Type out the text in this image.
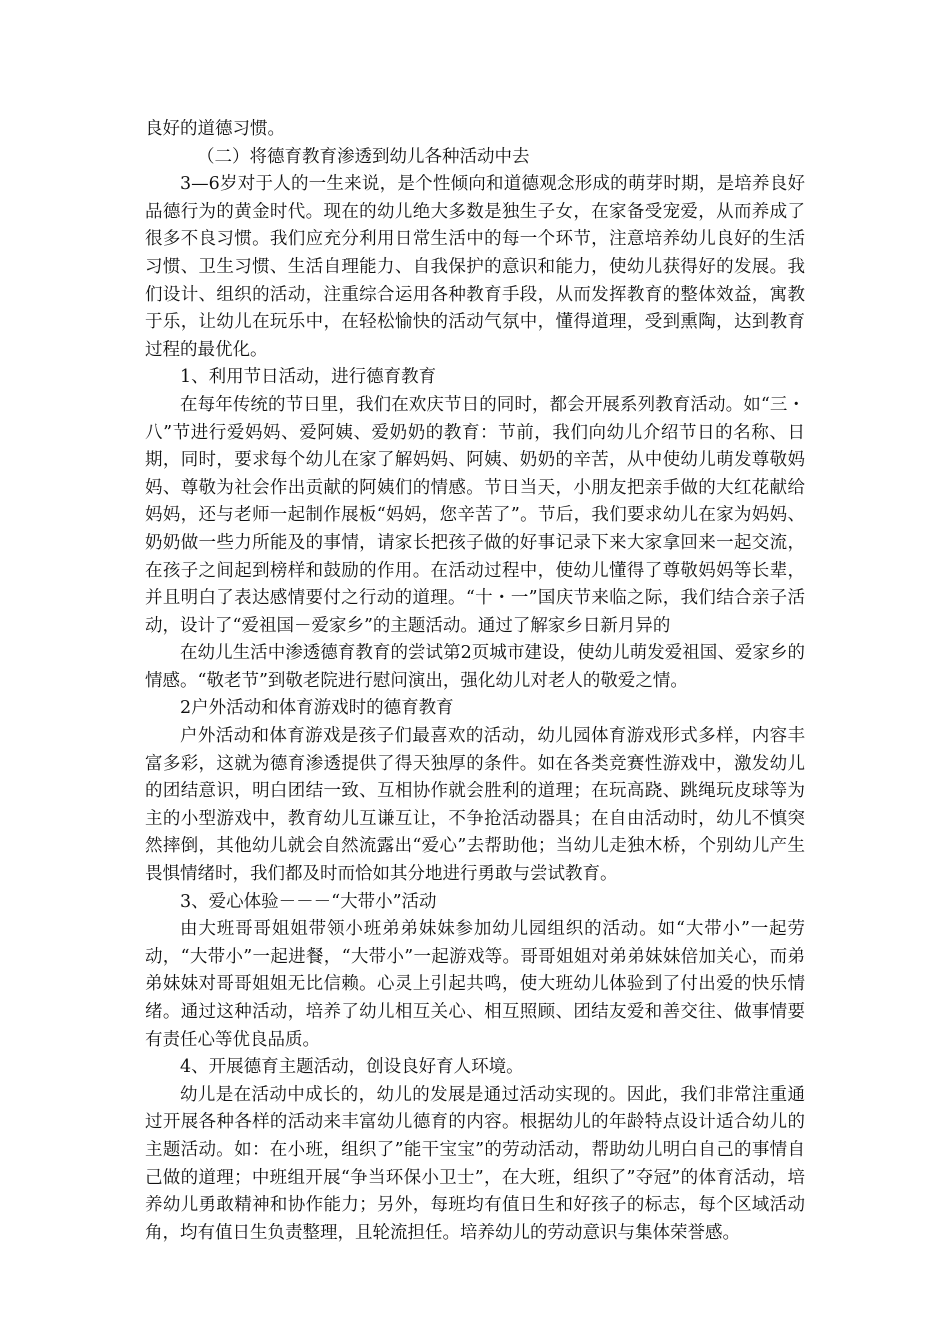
良好的道德习惯。

（二）将德育教育渗透到幼儿各种活动中去

3—6岁对于人的一生来说，是个性倾向和道德观念形成的萌芽时期，是培养良好品德行为的黄金时代。现在的幼儿绝大多数是独生子女，在家备受宠爱，从而养成了很多不良习惯。我们应充分利用日常生活中的每一个环节，注意培养幼儿良好的生活习惯、卫生习惯、生活自理能力、自我保护的意识和能力，使幼儿获得好的发展。我们设计、组织的活动，注重综合运用各种教育手段，从而发挥教育的整体效益，寓教于乐，让幼儿在玩乐中，在轻松愉快的活动气氛中，懂得道理，受到熏陶，达到教育过程的最优化。

1、利用节日活动，进行德育教育

在每年传统的节日里，我们在欢庆节日的同时，都会开展系列教育活动。如“三・八”节进行爱妈妈、爱阿姨、爱奶奶的教育：节前，我们向幼儿介绍节日的名称、日期，同时，要求每个幼儿在家了解妈妈、阿姨、奶奶的辛苦，从中使幼儿萌发尊敬妈妈、尊敬为社会作出贡献的阿姨们的情感。节日当天，小朋友把亲手做的大红花献给妈妈，还与老师一起制作展板“妈妈，您辛苦了”。节后，我们要求幼儿在家为妈妈、奶奶做一些力所能及的事情，请家长把孩子做的好事记录下来大家拿回来一起交流，在孩子之间起到榜样和鼓励的作用。在活动过程中，使幼儿懂得了尊敬妈妈等长辈，并且明白了表达感情要付之行动的道理。“十・一”国庆节来临之际，我们结合亲子活动，设计了“爱祖国－爱家乡”的主题活动。通过了解家乡日新月异的

在幼儿生活中渗透德育教育的尝试第2页城市建设，使幼儿萌发爱祖国、爱家乡的情感。“敬老节”到敬老院进行慰问演出，强化幼儿对老人的敬爱之情。

2户外活动和体育游戏时的德育教育

户外活动和体育游戏是孩子们最喜欢的活动，幼儿园体育游戏形式多样，内容丰富多彩，这就为德育渗透提供了得天独厚的条件。如在各类竞赛性游戏中，激发幼儿的团结意识，明白团结一致、互相协作就会胜利的道理；在玩高跷、跳绳玩皮球等为主的小型游戏中，教育幼儿互谦互让，不争抢活动器具；在自由活动时，幼儿不慎突然摔倒，其他幼儿就会自然流露出“爱心”去帮助他；当幼儿走独木桥，个别幼儿产生畏惧情绪时，我们都及时而恰如其分地进行勇敢与尝试教育。

3、爱心体验－－－“大带小”活动

由大班哥哥姐姐带领小班弟弟妹妹参加幼儿园组织的活动。如“大带小”一起劳动，“大带小”一起进餐，“大带小”一起游戏等。哥哥姐姐对弟弟妹妹倍加关心，而弟弟妹妹对哥哥姐姐无比信赖。心灵上引起共鸣，使大班幼儿体验到了付出爱的快乐情绪。通过这种活动，培养了幼儿相互关心、相互照顾、团结友爱和善交往、做事情要有责任心等优良品质。

4、开展德育主题活动，创设良好育人环境。

幼儿是在活动中成长的，幼儿的发展是通过活动实现的。因此，我们非常注重通过开展各种各样的活动来丰富幼儿德育的内容。根据幼儿的年龄特点设计适合幼儿的主题活动。如：在小班，组织了”能干宝宝”的劳动活动，帮助幼儿明白自己的事情自己做的道理；中班组开展“争当环保小卫士”，在大班，组织了”夺冠”的体育活动，培养幼儿勇敢精神和协作能力；另外，每班均有值日生和好孩子的标志，每个区域活动角，均有值日生负责整理，且轮流担任。培养幼儿的劳动意识与集体荣誉感。
